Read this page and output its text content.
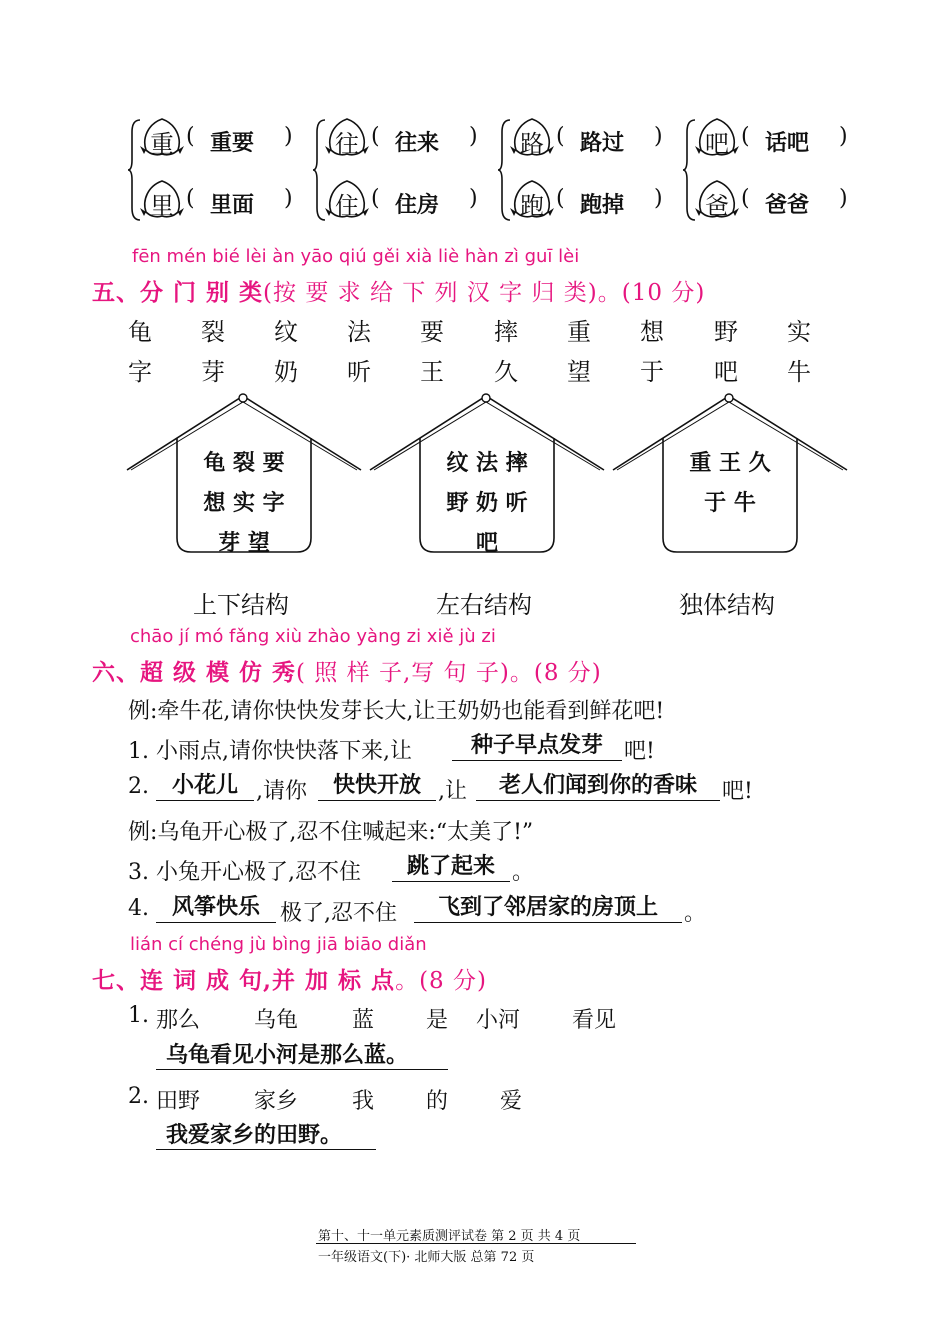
重 ( 重要 )
里 ( 里面 )
往 ( 往来 )
住 ( 住房 )
路 ( 路过 )
跑 ( 跑掉 )
吧 ( 话吧 )
爸 ( 爸爸 )
fēn mén bié lèi àn yāo qiú gěi xià liè hàn zì guī lèi
五、分 门 别 类(按 要 求 给 下 列 汉 字 归 类)。(10 分)
龟	裂	纹	法	要	摔	重	想	野	实
字	芽	奶	听	王	久	望	于	吧	牛
龟 裂 要
想 实 字
芽 望
上下结构
纹 法 摔
野 奶 听
吧
左右结构
重 王 久
于 牛
独体结构
chāo jí mó fǎng xiù zhào yàng zi xiě jù zi
六、超 级 模 仿 秀( 照 样 子,写 句 子)。(8 分)
例:牵牛花,请你快快发芽长大,让王奶奶也能看到鲜花吧!
1. 小雨点,请你快快落下来,让	种子早点发芽 吧!
2.	小花儿 ,请你	快快开放 ,让	老人们闻到你的香味	吧!
例:乌龟开心极了,忍不住喊起来:“太美了!”
3. 小兔开心极了,忍不住	跳了起来 。
4.	风筝快乐 极了,忍不住	飞到了邻居家的房顶上	。
lián cí chéng jù bìng jiā biāo diǎn
七、连 词 成 句,并 加 标 点。(8 分)
1. 那么 乌龟 蓝 是 小河 看见
乌龟看见小河是那么蓝。
2. 田野 家乡 我 的 爱
我爱家乡的田野。
第十、十一单元素质测评试卷 第 2 页 共 4 页
一年级语文(下)· 北师大版 总第 72 页
